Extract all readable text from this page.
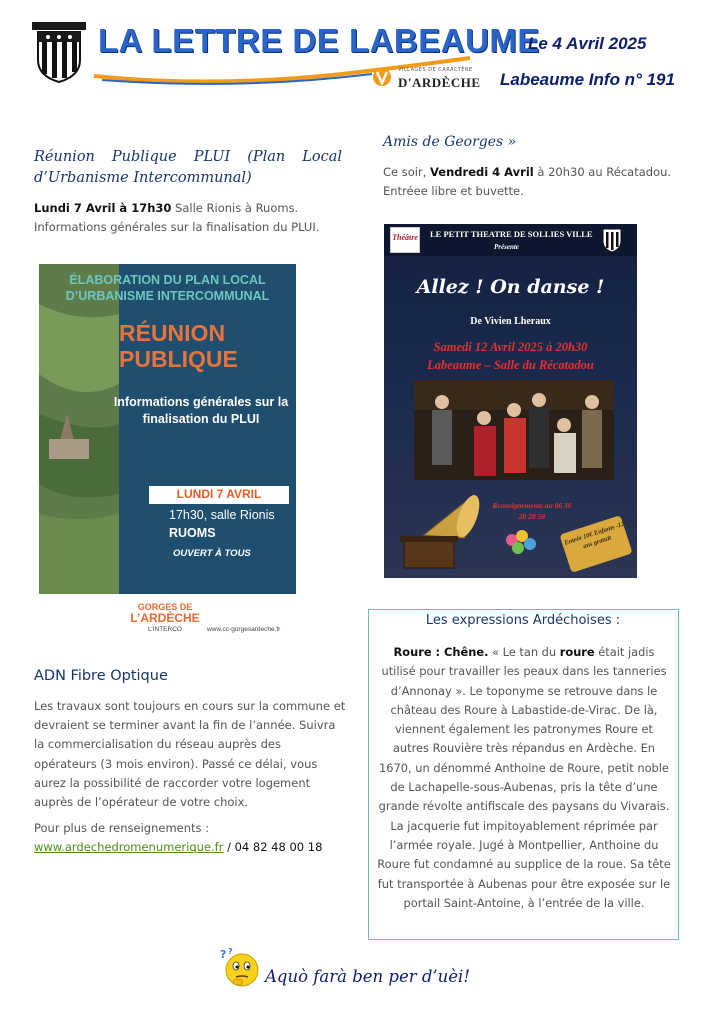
LA LETTRE DE LABEAUME
VILLAGES DE CARACTÈRE
D'ARDÈCHE
Le 4 Avril 2025
Labeaume Info n° 191
Réunion Publique PLUI (Plan Local d’Urbanisme Intercommunal)
Lundi 7 Avril à 17h30 Salle Rionis à Ruoms.
Informations générales sur la finalisation du PLUI.
ÉLABORATION DU PLAN LOCAL
D’URBANISME INTERCOMMUNAL
RÉUNION
PUBLIQUE
Informations générales sur la finalisation du PLUI
LUNDI 7 AVRIL
17h30, salle Rionis
RUOMS
OUVERT À TOUS
GORGES DE
L’ARDÈCHE
L’INTERCO	www.cc-gorgesardeche.fr
ADN Fibre Optique
Les travaux sont toujours en cours sur la commune et devraient se terminer avant la fin de l’année. Suivra la commercialisation du réseau auprès des opérateurs (3 mois environ). Passé ce délai, vous aurez la possibilité de raccorder votre logement auprès de l’opérateur de votre choix.
Pour plus de renseignements :
www.ardechedromenumerique.fr / 04 82 48 00 18
Amis de Georges »
Ce soir, Vendredi 4 Avril à 20h30 au Récatadou. Entréee libre et buvette.
Théâtre LE PETIT THEATRE DE SOLLIES VILLE
Présente
Allez ! On danse !
De Vivien Lheraux
Samedi 12 Avril 2025 à 20h30
Labeaume – Salle du Récatadou
Renseignements au 06 30 20 28 58
Entrée 10€ Enfants -12 ans gratuit
Les expressions Ardéchoises :
Roure : Chêne. « Le tan du roure était jadis utilisé pour travailler les peaux dans les tanneries d’Annonay ». Le toponyme se retrouve dans le château des Roure à Labastide-de-Virac. De là, viennent également les patronymes Roure et autres Rouvière très répandus en Ardèche. En 1670, un dénommé Anthoine de Roure, petit noble de Lachapelle-sous-Aubenas, pris la tête d’une grande révolte antifiscale des paysans du Vivarais. La jacquerie fut impitoyablement réprimée par l’armée royale. Jugé à Montpellier, Anthoine du Roure fut condamné au supplice de la roue. Sa tête fut transportée à Aubenas pour être exposée sur le portail Saint-Antoine, à l’entrée de la ville.
? ?
Aquò farà ben per d’uèi!
